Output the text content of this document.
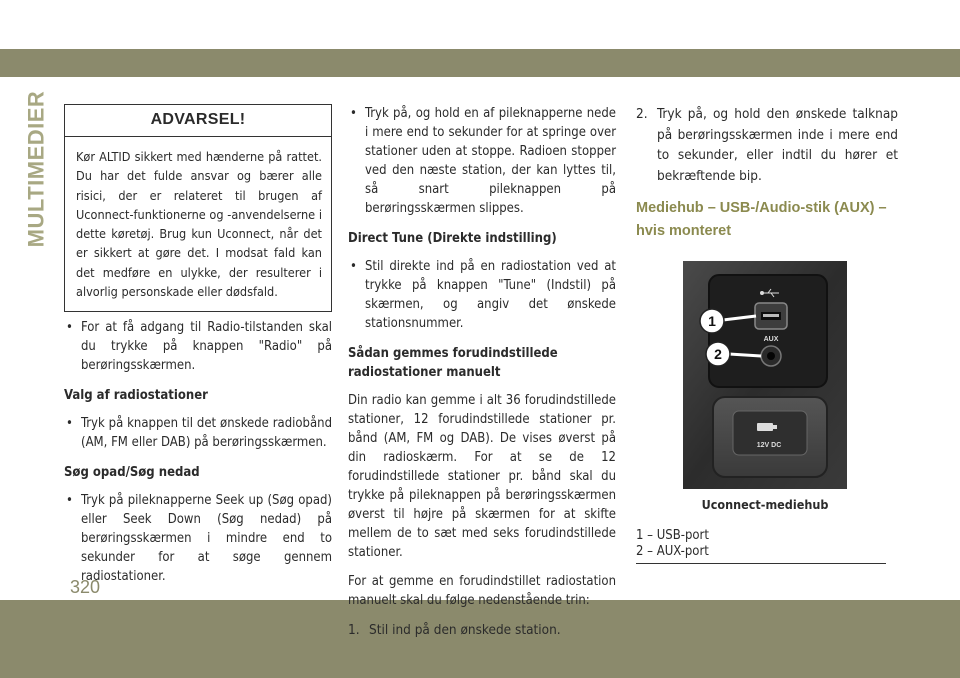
MULTIMEDIER
320
ADVARSEL!
Kør ALTID sikkert med hænderne på rattet. Du har det fulde ansvar og bærer alle risici, der er relateret til brugen af Uconnect-funktionerne og -anvendelserne i dette køretøj. Brug kun Uconnect, når det er sikkert at gøre det. I modsat fald kan det medføre en ulykke, der resulterer i alvorlig personskade eller dødsfald.
• For at få adgang til Radio-tilstanden skal du trykke på knappen "Radio" på berøringsskærmen.
Valg af radiostationer
• Tryk på knappen til det ønskede radiobånd (AM, FM eller DAB) på berøringsskærmen.
Søg opad/Søg nedad
• Tryk på pileknapperne Seek up (Søg opad) eller Seek Down (Søg nedad) på berøringsskærmen i mindre end to sekunder for at søge gennem radiostationer.
• Tryk på, og hold en af pileknapperne nede i mere end to sekunder for at springe over stationer uden at stoppe. Radioen stopper ved den næste station, der kan lyttes til, så snart pileknappen på berøringsskærmen slippes.
Direct Tune (Direkte indstilling)
• Stil direkte ind på en radiostation ved at trykke på knappen "Tune" (Indstil) på skærmen, og angiv det ønskede stationsnummer.
Sådan gemmes forudindstillede radiostationer manuelt

Din radio kan gemme i alt 36 forudindstillede stationer, 12 forudindstillede stationer pr. bånd (AM, FM og DAB). De vises øverst på din radioskærm. For at se de 12 forudindstillede stationer pr. bånd skal du trykke på pileknappen på berøringsskærmen øverst til højre på skærmen for at skifte mellem de to sæt med seks forudindstillede stationer.

For at gemme en forudindstillet radiostation manuelt skal du følge nedenstående trin:

1. Stil ind på den ønskede station.
2. Tryk på, og hold den ønskede talknap på berøringsskærmen inde i mere end to sekunder, eller indtil du hører et bekræftende bip.
Mediehub – USB-/Audio-stik (AUX) – hvis monteret
AUX
12V DC
1
2
Uconnect-mediehub
1 – USB-port
2 – AUX-port
